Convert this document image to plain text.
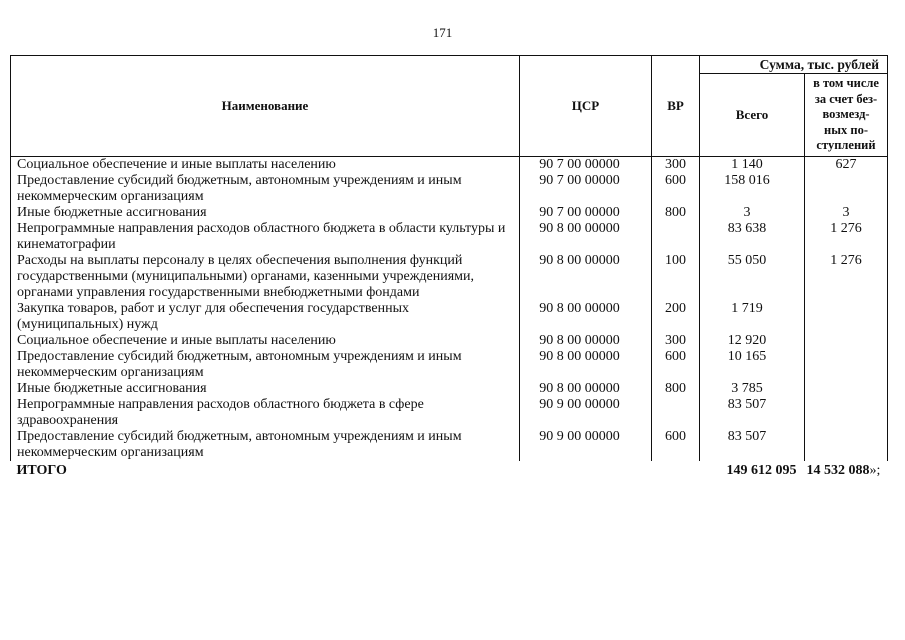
171
Наименование	ЦСР	ВР	Сумма, тыс. рублей	
			Всего	в том числе
за счет без-
возмезд-
ных по-
ступлений
Социальное обеспечение и иные выплаты населению	90 7 00 00000	300	1 140	627
Предоставление субсидий бюджетным, автономным учреждениям и иным некоммерческим организациям	90 7 00 00000	600	158 016	
Иные бюджетные ассигнования	90 7 00 00000	800	3	3
Непрограммные направления расходов областного бюджета в области культуры и кинематографии	90 8 00 00000		83 638	1 276
Расходы на выплаты персоналу в целях обеспечения выполнения функций государственными (муниципальными) органами, казенными учреждениями, органами управления государственными внебюджетными фондами	90 8 00 00000	100	55 050	1 276
Закупка товаров, работ и услуг для обеспечения государственных (муниципальных) нужд	90 8 00 00000	200	1 719	
Социальное обеспечение и иные выплаты населению	90 8 00 00000	300	12 920	
Предоставление субсидий бюджетным, автономным учреждениям и иным некоммерческим организациям	90 8 00 00000	600	10 165	
Иные бюджетные ассигнования	90 8 00 00000	800	3 785	
Непрограммные направления расходов областного бюджета в сфере здравоохранения	90 9 00 00000		83 507	
Предоставление субсидий бюджетным, автономным учреждениям и иным некоммерческим организациям	90 9 00 00000	600	83 507	
ИТОГО			149 612 095	14 532 088»;
